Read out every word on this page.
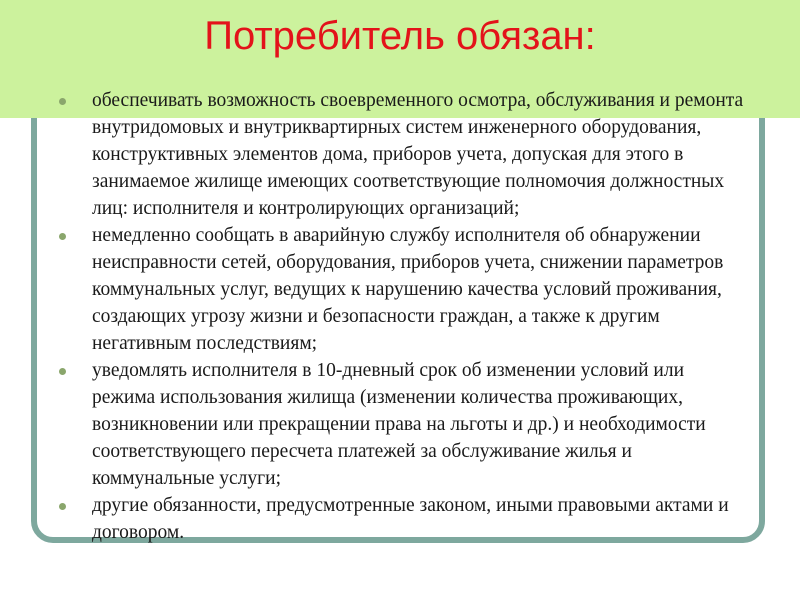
Потребитель обязан:
обеспечивать возможность своевременного осмотра, обслуживания и ремонта внутридомовых и внутриквартирных систем инженерного оборудования, конструктивных элементов дома, приборов учета, допуская для этого в занимаемое жилище имеющих соответствующие полномочия должностных лиц: исполнителя и контролирующих организаций;
немедленно сообщать в аварийную службу исполнителя об обнаружении неисправности сетей, оборудования, приборов учета, снижении параметров коммунальных услуг, ведущих к нарушению качества условий проживания, создающих угрозу жизни и безопасности граждан, а также к другим негативным последствиям;
уведомлять исполнителя в 10-дневный срок об изменении условий или режима использования жилища (изменении количества проживающих, возникновении или прекращении права на льготы и др.) и необходимости соответствующего пересчета платежей за обслуживание жилья и коммунальные услуги;
другие обязанности, предусмотренные законом, иными правовыми актами и договором.
